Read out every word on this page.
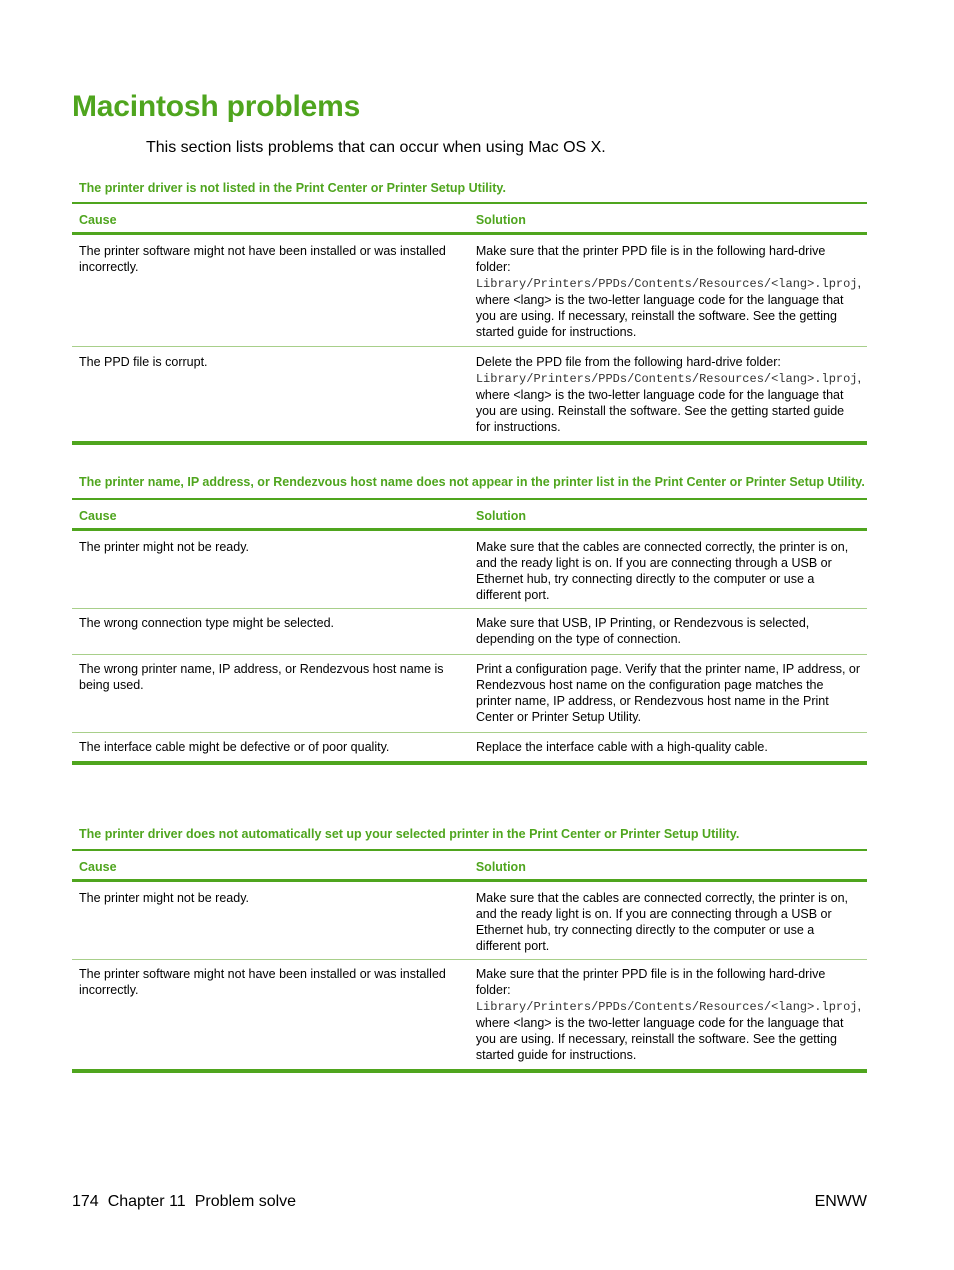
Macintosh problems

This section lists problems that can occur when using Mac OS X.

The printer driver is not listed in the Print Center or Printer Setup Utility.

Cause	Solution
The printer software might not have been installed or was installed incorrectly.	Make sure that the printer PPD file is in the following hard-drive folder: Library/Printers/PPDs/Contents/Resources/<lang>.lproj, where <lang> is the two-letter language code for the language that you are using. If necessary, reinstall the software. See the getting started guide for instructions.
The PPD file is corrupt.	Delete the PPD file from the following hard-drive folder: Library/Printers/PPDs/Contents/Resources/<lang>.lproj, where <lang> is the two-letter language code for the language that you are using. Reinstall the software. See the getting started guide for instructions.

The printer name, IP address, or Rendezvous host name does not appear in the printer list in the Print Center or Printer Setup Utility.

Cause	Solution
The printer might not be ready.	Make sure that the cables are connected correctly, the printer is on, and the ready light is on. If you are connecting through a USB or Ethernet hub, try connecting directly to the computer or use a different port.
The wrong connection type might be selected.	Make sure that USB, IP Printing, or Rendezvous is selected, depending on the type of connection.
The wrong printer name, IP address, or Rendezvous host name is being used.	Print a configuration page. Verify that the printer name, IP address, or Rendezvous host name on the configuration page matches the printer name, IP address, or Rendezvous host name in the Print Center or Printer Setup Utility.
The interface cable might be defective or of poor quality.	Replace the interface cable with a high-quality cable.

The printer driver does not automatically set up your selected printer in the Print Center or Printer Setup Utility.

Cause	Solution
The printer might not be ready.	Make sure that the cables are connected correctly, the printer is on, and the ready light is on. If you are connecting through a USB or Ethernet hub, try connecting directly to the computer or use a different port.
The printer software might not have been installed or was installed incorrectly.	Make sure that the printer PPD file is in the following hard-drive folder: Library/Printers/PPDs/Contents/Resources/<lang>.lproj, where <lang> is the two-letter language code for the language that you are using. If necessary, reinstall the software. See the getting started guide for instructions.
174 Chapter 11 Problem solve	ENWW
